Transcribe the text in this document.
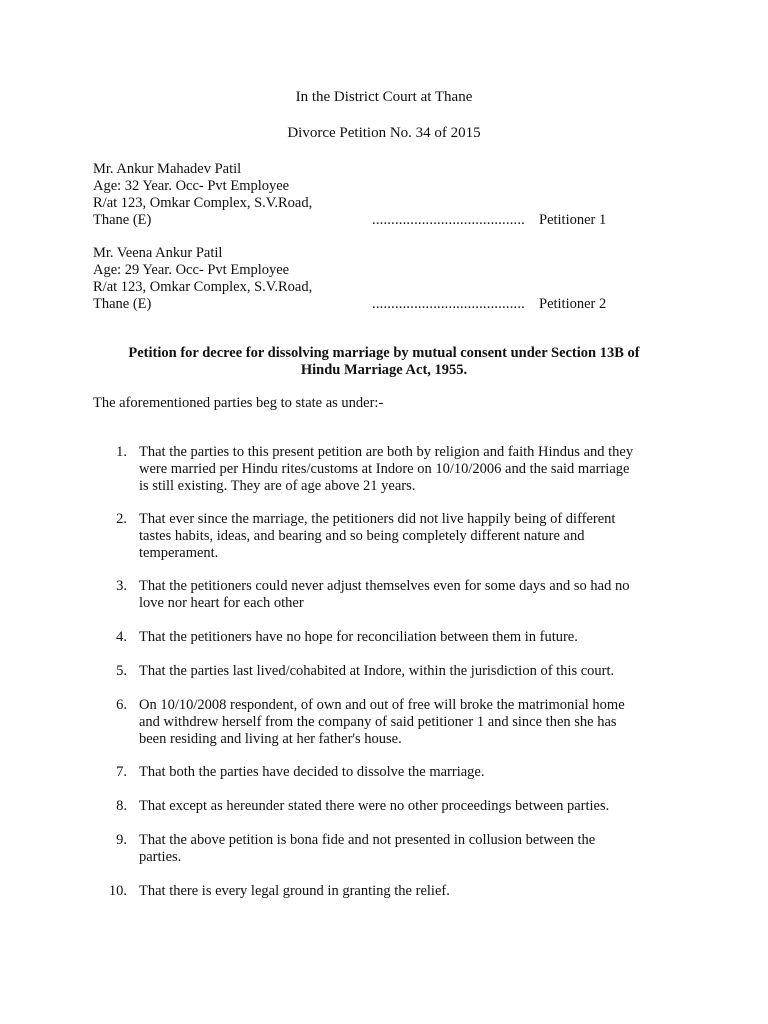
In the District Court at Thane
Divorce Petition No. 34 of 2015
Mr. Ankur Mahadev Patil
Age: 32 Year. Occ- Pvt Employee
R/at 123, Omkar Complex, S.V.Road,
Thane (E)	........................................ Petitioner 1
Mr. Veena Ankur Patil
Age: 29 Year. Occ- Pvt Employee
R/at 123, Omkar Complex, S.V.Road,
Thane (E)	........................................ Petitioner 2
Petition for decree for dissolving marriage by mutual consent under Section 13B of
Hindu Marriage Act, 1955.
The aforementioned parties beg to state as under:-
1. That the parties to this present petition are both by religion and faith Hindus and they
were married per Hindu rites/customs at Indore on 10/10/2006 and the said marriage
is still existing. They are of age above 21 years.
2. That ever since the marriage, the petitioners did not live happily being of different
tastes habits, ideas, and bearing and so being completely different nature and
temperament.
3. That the petitioners could never adjust themselves even for some days and so had no
love nor heart for each other
4. That the petitioners have no hope for reconciliation between them in future.
5. That the parties last lived/cohabited at Indore, within the jurisdiction of this court.
6. On 10/10/2008 respondent, of own and out of free will broke the matrimonial home
and withdrew herself from the company of said petitioner 1 and since then she has
been residing and living at her father's house.
7. That both the parties have decided to dissolve the marriage.
8. That except as hereunder stated there were no other proceedings between parties.
9. That the above petition is bona fide and not presented in collusion between the
parties.
10. That there is every legal ground in granting the relief.
